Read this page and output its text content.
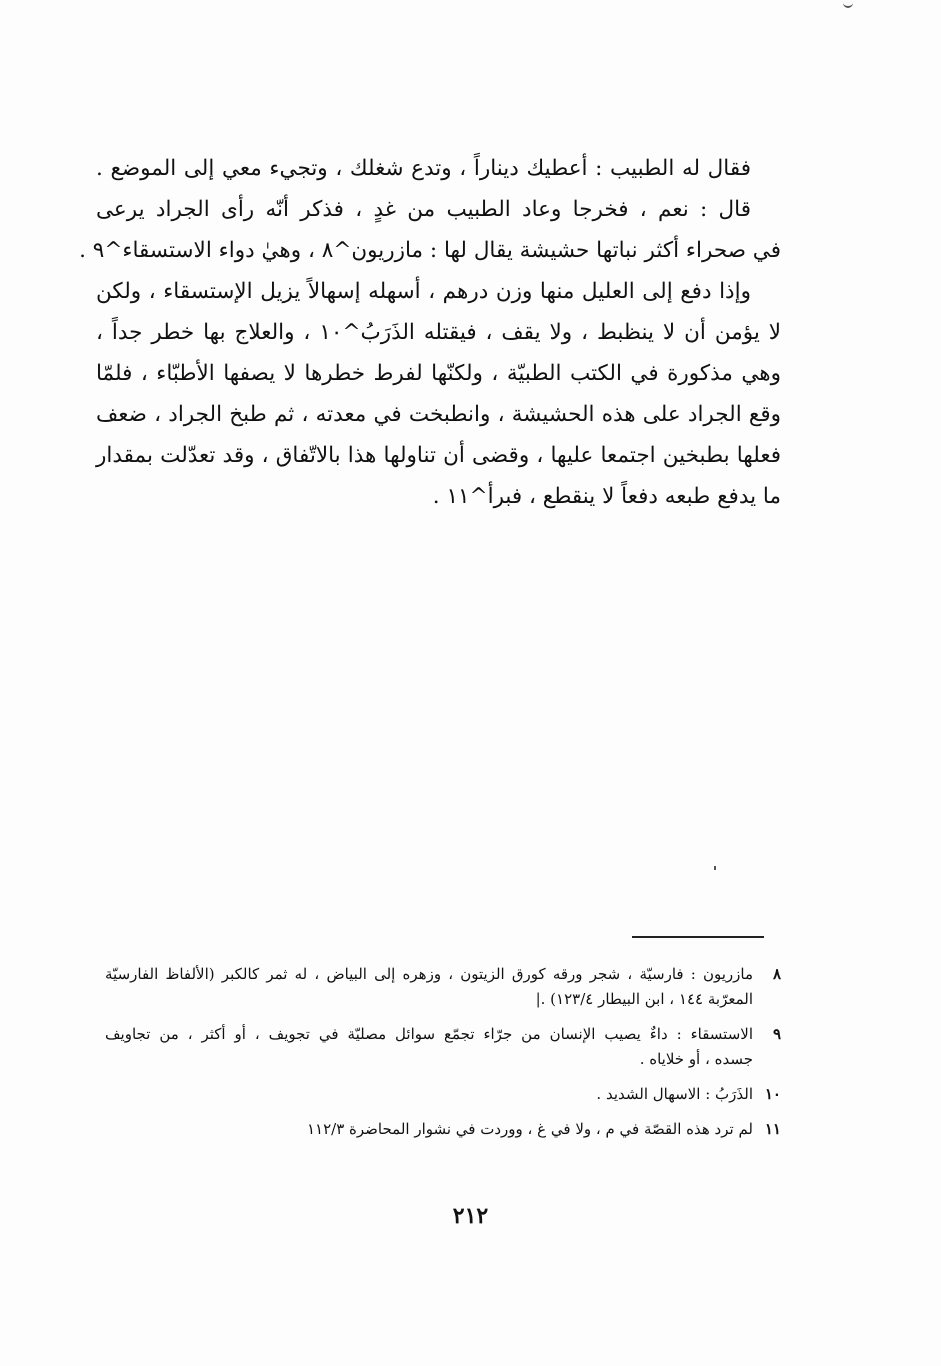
فقال له الطبيب : أعطيك ديناراً ، وتدع شغلك ، وتجيء معي إلى الموضع .
قال : نعم ، فخرجا وعاد الطبيب من غدٍ ، فذكر أنّه رأى الجراد يرعى
في صحراء أكثر نباتها حشيشة يقال لها : مازريون^٨ ، وهيٰ دواء الاستسقاء^٩ .
وإذا دفع إلى العليل منها وزن درهم ، أسهله إسهالاً يزيل الإستسقاء ، ولكن
لا يؤمن أن لا ينظبط ، ولا يقف ، فيقتله الذَرَبُ^١٠ ، والعلاج بها خطر جداً ،
وهي مذكورة في الكتب الطبيّة ، ولكنّها لفرط خطرها لا يصفها الأطبّاء ، فلمّا
وقع الجراد على هذه الحشيشة ، وانطبخت في معدته ، ثم طبخ الجراد ، ضعف
فعلها بطبخين اجتمعا عليها ، وقضى أن تناولها هذا بالاتّفاق ، وقد تعدّلت بمقدار
ما يدفع طبعه دفعاً لا ينقطع ، فبرأ^١١ .
٨
مازريون : فارسيّة ، شجر ورقه كورق الزيتون ، وزهره إلى البياض ، له ثمر كالكبر (الألفاظ الفارسيّة
المعرّبة ١٤٤ ، ابن البيطار ١٢٣/٤) .|
٩
الاستسقاء : داءٌ يصيب الإنسان من جرّاء تجمّع سوائل مصليّة في تجويف ، أو أكثر ، من تجاويف
جسده ، أو خلاياه .
١٠
الذَرَبُ : الاسهال الشديد .
١١
لم ترد هذه القصّة في م ، ولا في غ ، ووردت في نشوار المحاضرة ١١٢/٣
٢١٢
